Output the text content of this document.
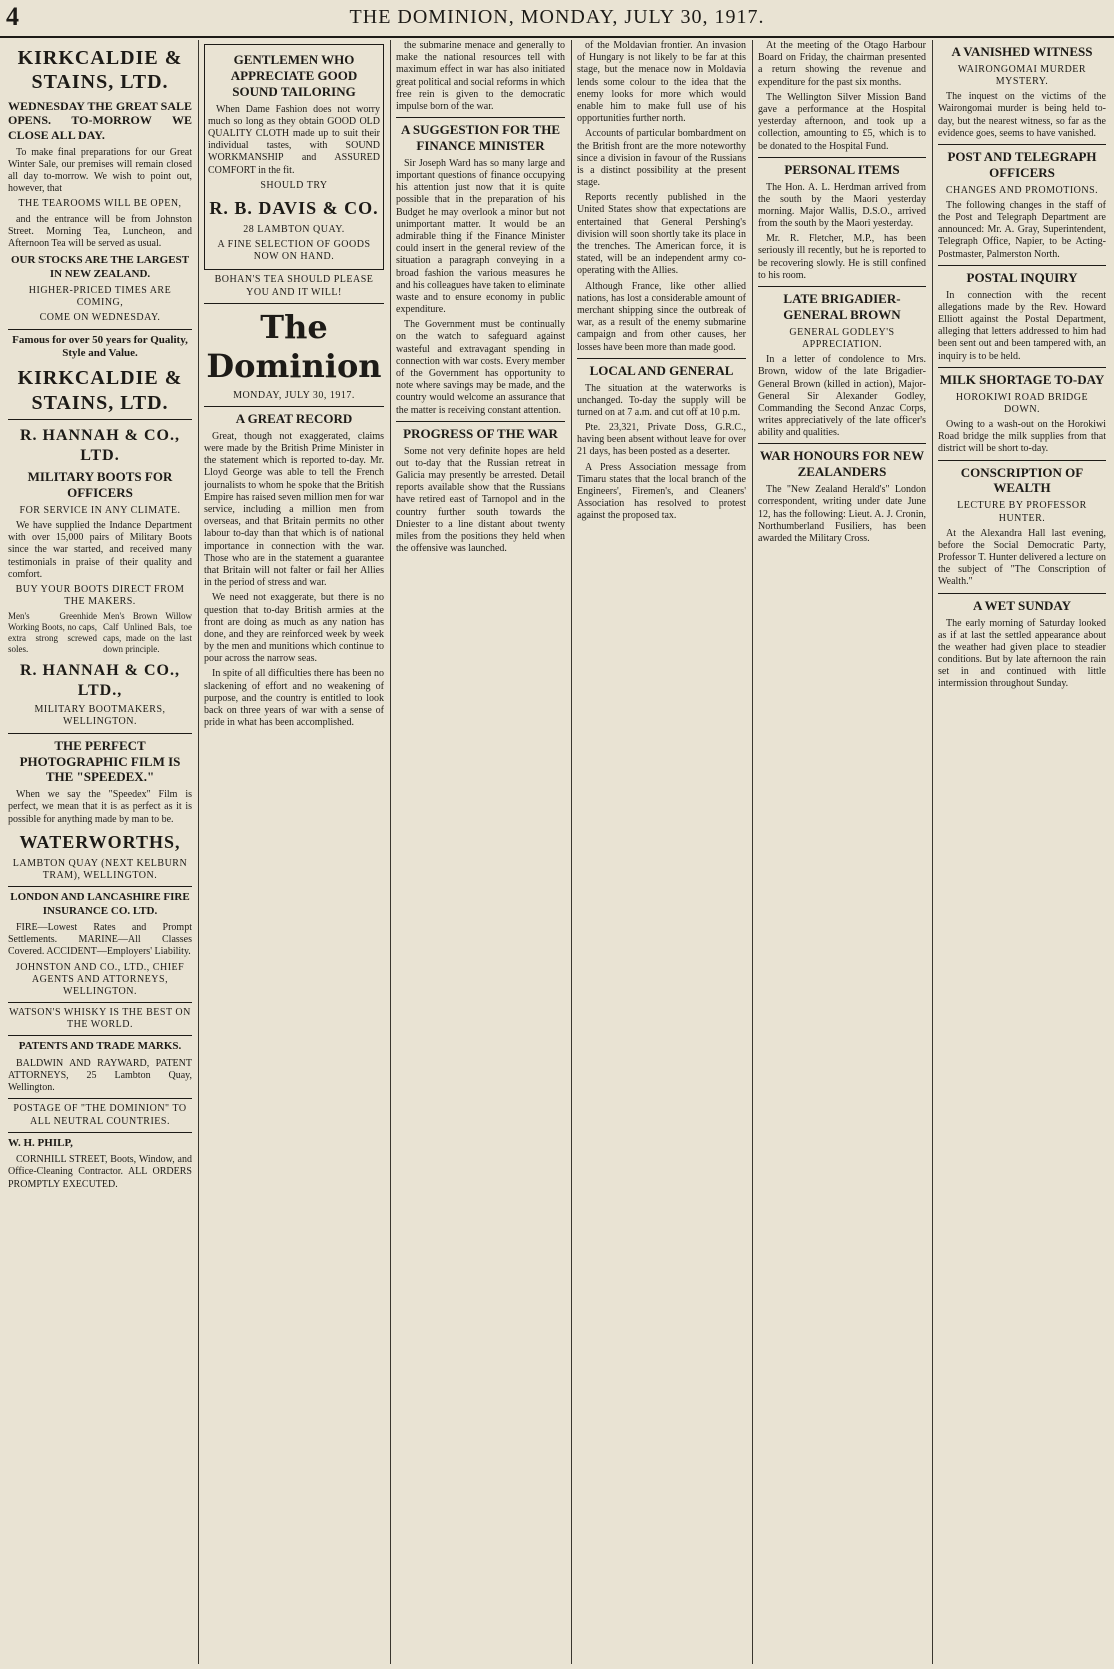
4	THE DOMINION, MONDAY, JULY 30, 1917.
KIRKCALDIE & STAINS, LTD.
WEDNESDAY THE GREAT SALE OPENS. TO-MORROW WE CLOSE ALL DAY.

To make final preparations for our Great Winter Sale, our premises will remain closed all day to-morrow. We wish to point out, however, that

THE TEAROOMS WILL BE OPEN,

and the entrance will be from Johnston Street. Morning Tea, Luncheon, and Afternoon Tea will be served as usual.

OUR STOCKS ARE THE LARGEST IN NEW ZEALAND.
HIGHER-PRICED TIMES ARE COMING,
COME ON WEDNESDAY.
Famous for over 50 years for Quality, Style and Value.
KIRKCALDIE & STAINS, LTD.
R. HANNAH & CO., LTD.
MILITARY BOOTS FOR OFFICERS
FOR SERVICE IN ANY CLIMATE.

We have supplied the Indance Department with over 15,000 pairs of Military Boots since the war started, and received many testimonials in praise of their quality and comfort.

BUY YOUR BOOTS DIRECT FROM THE MAKERS.
Men's Greenhide Working Boots, no caps, extra strong screwed soles.
Men's Brown Willow Calf Unlined Bals, toe caps, made on the last down principle.
R. HANNAH & CO., LTD.,
MILITARY BOOTMAKERS, WELLINGTON.
THE PERFECT PHOTOGRAPHIC FILM IS THE "SPEEDEX."

When we say the "Speedex" Film is perfect, we mean that it is as perfect as it is possible for anything made by man to be.

WATERWORTHS,
LAMBTON QUAY (NEXT KELBURN TRAM), WELLINGTON.
LONDON AND LANCASHIRE FIRE INSURANCE CO. LTD.

FIRE—Lowest Rates and Prompt Settlements. MARINE—All Classes Covered. ACCIDENT—Employers' Liability.

JOHNSTON AND CO., LTD., CHIEF AGENTS AND ATTORNEYS, WELLINGTON.
WATSON'S WHISKY IS THE BEST ON THE WORLD.
PATENTS AND TRADE MARKS.

BALDWIN AND RAYWARD, PATENT ATTORNEYS, 25 Lambton Quay, Wellington.

POSTAGE OF "THE DOMINION" TO ALL NEUTRAL COUNTRIES.
W. H. PHILP,

CORNHILL STREET, Boots, Window, and Office-Cleaning Contractor. ALL ORDERS PROMPTLY EXECUTED.

GENTLEMEN WHO APPRECIATE GOOD SOUND TAILORING

When Dame Fashion does not worry much so long as they obtain GOOD OLD QUALITY CLOTH made up to suit their individual tastes, with SOUND WORKMANSHIP and ASSURED COMFORT in the fit.

SHOULD TRY
R. B. DAVIS & CO.
28 LAMBTON QUAY.
A FINE SELECTION OF GOODS NOW ON HAND.
BOHAN'S TEA SHOULD PLEASE YOU AND IT WILL!
The Dominion
MONDAY, JULY 30, 1917.
A GREAT RECORD

Great, though not exaggerated, claims were made by the British Prime Minister in the statement which is reported to-day. Mr. Lloyd George was able to tell the French journalists to whom he spoke that the British Empire has raised seven million men for war service, including a million men from overseas, and that Britain permits no other labour to-day than that which is of national importance in connection with the war. Those who are in the statement a guarantee that Britain will not falter or fail her Allies in the period of stress and war.

We need not exaggerate, but there is no question that to-day British armies at the front are doing as much as any nation has done, and they are reinforced week by week by the men and munitions which continue to pour across the narrow seas.

In spite of all difficulties there has been no slackening of effort and no weakening of purpose, and the country is entitled to look back on three years of war with a sense of pride in what has been accomplished.

the submarine menace and generally to make the national resources tell with maximum effect in war has also initiated great political and social reforms in which free rein is given to the democratic impulse born of the war.

A SUGGESTION FOR THE FINANCE MINISTER

Sir Joseph Ward has so many large and important questions of finance occupying his attention just now that it is quite possible that in the preparation of his Budget he may overlook a minor but not unimportant matter. It would be an admirable thing if the Finance Minister could insert in the general review of the situation a paragraph conveying in a broad fashion the various measures he and his colleagues have taken to eliminate waste and to ensure economy in public expenditure.

The Government must be continually on the watch to safeguard against wasteful and extravagant spending in connection with war costs. Every member of the Government has opportunity to note where savings may be made, and the country would welcome an assurance that the matter is receiving constant attention.

PROGRESS OF THE WAR

Some not very definite hopes are held out to-day that the Russian retreat in Galicia may presently be arrested. Detail reports available show that the Russians have retired east of Tarnopol and in the country further south towards the Dniester to a line distant about twenty miles from the positions they held when the offensive was launched.

of the Moldavian frontier. An invasion of Hungary is not likely to be far at this stage, but the menace now in Moldavia lends some colour to the idea that the enemy looks for more which would enable him to make full use of his opportunities further north.

Accounts of particular bombardment on the British front are the more noteworthy since a division in favour of the Russians is a distinct possibility at the present stage.

Reports recently published in the United States show that expectations are entertained that General Pershing's division will soon shortly take its place in the trenches. The American force, it is stated, will be an independent army co-operating with the Allies.

Although France, like other allied nations, has lost a considerable amount of merchant shipping since the outbreak of war, as a result of the enemy submarine campaign and from other causes, her losses have been more than made good.

LOCAL AND GENERAL

The situation at the waterworks is unchanged. To-day the supply will be turned on at 7 a.m. and cut off at 10 p.m.

Pte. 23,321, Private Doss, G.R.C., having been absent without leave for over 21 days, has been posted as a deserter.

A Press Association message from Timaru states that the local branch of the Engineers', Firemen's, and Cleaners' Association has resolved to protest against the proposed tax.

At the meeting of the Otago Harbour Board on Friday, the chairman presented a return showing the revenue and expenditure for the past six months.

The Wellington Silver Mission Band gave a performance at the Hospital yesterday afternoon, and took up a collection, amounting to £5, which is to be donated to the Hospital Fund.

PERSONAL ITEMS

The Hon. A. L. Herdman arrived from the south by the Maori yesterday morning. Major Wallis, D.S.O., arrived from the south by the Maori yesterday.

Mr. R. Fletcher, M.P., has been seriously ill recently, but he is reported to be recovering slowly. He is still confined to his room.

LATE BRIGADIER-GENERAL BROWN
GENERAL GODLEY'S APPRECIATION.

In a letter of condolence to Mrs. Brown, widow of the late Brigadier-General Brown (killed in action), Major-General Sir Alexander Godley, Commanding the Second Anzac Corps, writes appreciatively of the late officer's ability and qualities.

WAR HONOURS FOR NEW ZEALANDERS

The "New Zealand Herald's" London correspondent, writing under date June 12, has the following: Lieut. A. J. Cronin, Northumberland Fusiliers, has been awarded the Military Cross.

A VANISHED WITNESS
WAIRONGOMAI MURDER MYSTERY.

The inquest on the victims of the Wairongomai murder is being held to-day, but the nearest witness, so far as the evidence goes, seems to have vanished.

POST AND TELEGRAPH OFFICERS
CHANGES AND PROMOTIONS.

The following changes in the staff of the Post and Telegraph Department are announced: Mr. A. Gray, Superintendent, Telegraph Office, Napier, to be Acting-Postmaster, Palmerston North.

POSTAL INQUIRY

In connection with the recent allegations made by the Rev. Howard Elliott against the Postal Department, alleging that letters addressed to him had been sent out and been tampered with, an inquiry is to be held.

MILK SHORTAGE TO-DAY
HOROKIWI ROAD BRIDGE DOWN.

Owing to a wash-out on the Horokiwi Road bridge the milk supplies from that district will be short to-day.

CONSCRIPTION OF WEALTH
LECTURE BY PROFESSOR HUNTER.

At the Alexandra Hall last evening, before the Social Democratic Party, Professor T. Hunter delivered a lecture on the subject of "The Conscription of Wealth."

A WET SUNDAY

The early morning of Saturday looked as if at last the settled appearance about the weather had given place to steadier conditions. But by late afternoon the rain set in and continued with little intermission throughout Sunday.
